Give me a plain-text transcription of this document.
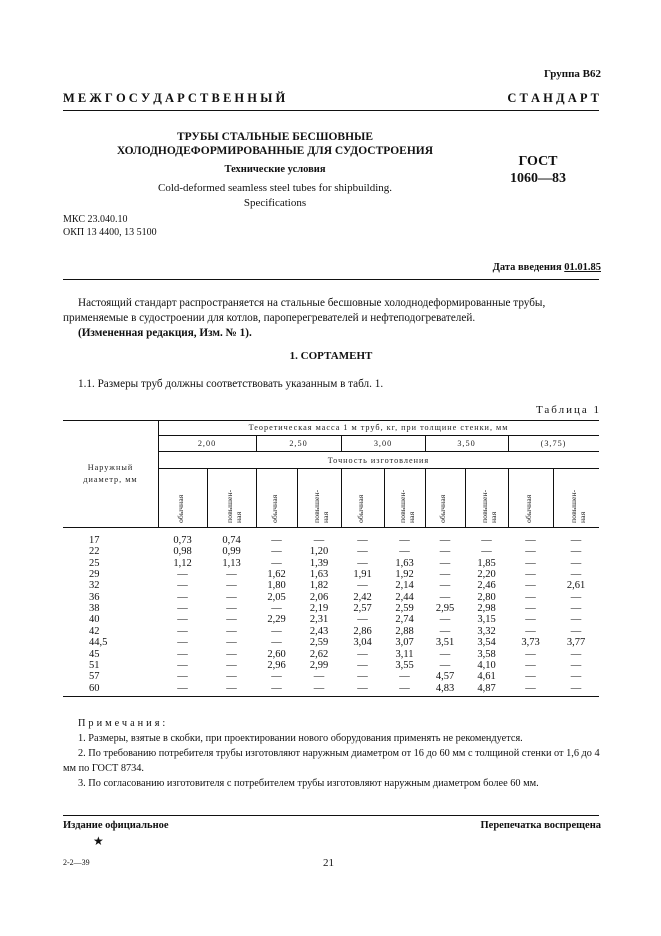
Группа В62
М Е Ж Г О С У Д А Р С Т В Е Н Н Ы Й	С Т А Н Д А Р Т
ТРУБЫ СТАЛЬНЫЕ БЕСШОВНЫЕ
ХОЛОДНОДЕФОРМИРОВАННЫЕ ДЛЯ СУДОСТРОЕНИЯ
Технические условия
Cold-deformed seamless steel tubes for shipbuilding.
Specifications
ГОСТ
1060—83
МКС 23.040.10
ОКП 13 4400, 13 5100
Дата введения 01.01.85
Настоящий стандарт распространяется на стальные бесшовные холоднодеформированные трубы, применяемые в судостроении для котлов, пароперегревателей и нефтеподогревателей.
(Измененная редакция, Изм. № 1).
1. СОРТАМЕНТ
1.1. Размеры труб должны соответствовать указанным в табл. 1.
Таблица 1
Теоретическая масса 1 м труб, кг, при толщине стенки, мм
Точность изготовления
Наружный
диаметр, мм
2,00	2,50	3,00	3,50	(3,75)
обычная	повышен-
ная	обычная	повышен-
ная	обычная	повышен-
ная	обычная	повышен-
ная	обычная	повышен-
ная
17	0,73	0,74	—	—	—	—	—	—	—	—
22	0,98	0,99	—	1,20	—	—	—	—	—	—
25	1,12	1,13	—	1,39	—	1,63	—	1,85	—	—
29	—	—	1,62	1,63	1,91	1,92	—	2,20	—	—
32	—	—	1,80	1,82	—	2,14	—	2,46	—	2,61
36	—	—	2,05	2,06	2,42	2,44	—	2,80	—	—
38	—	—	—	2,19	2,57	2,59	2,95	2,98	—	—
40	—	—	2,29	2,31	—	2,74	—	3,15	—	—
42	—	—	—	2,43	2,86	2,88	—	3,32	—	—
44,5	—	—	—	2,59	3,04	3,07	3,51	3,54	3,73	3,77
45	—	—	2,60	2,62	—	3,11	—	3,58	—	—
51	—	—	2,96	2,99	—	3,55	—	4,10	—	—
57	—	—	—	—	—	—	4,57	4,61	—	—
60	—	—	—	—	—	—	4,83	4,87	—	—
Примечания:
1. Размеры, взятые в скобки, при проектировании нового оборудования применять не рекомендуется.
2. По требованию потребителя трубы изготовляют наружным диаметром от 16 до 60 мм с толщиной стенки от 1,6 до 4 мм по ГОСТ 8734.
3. По согласованию изготовителя с потребителем трубы изготовляют наружным диаметром более 60 мм.
Издание официальное
★
Перепечатка воспрещена
2-2—39	21
